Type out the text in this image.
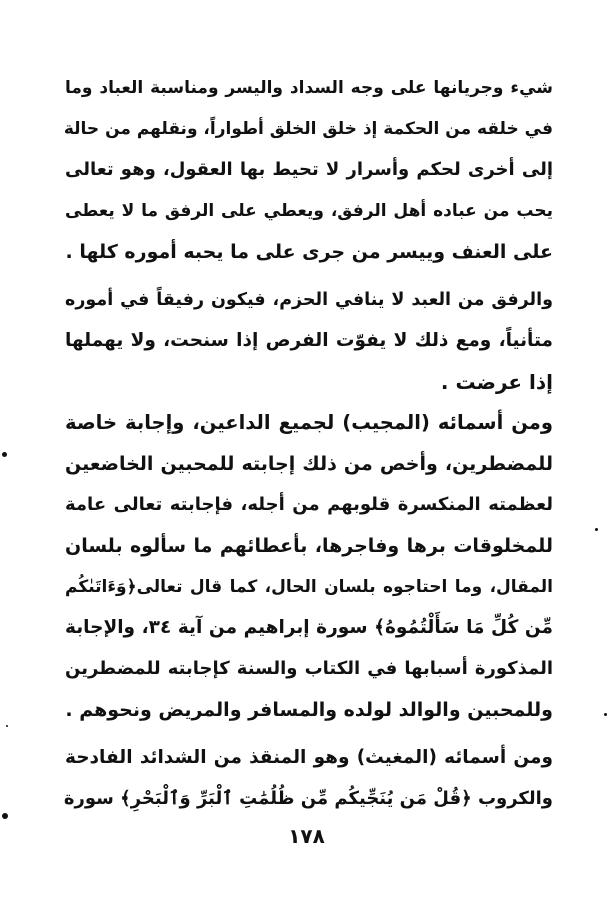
شيء وجريانها على وجه السداد واليسر ومناسبة العباد وما
في خلقه من الحكمة إذ خلق الخلق أطواراً، ونقلهم من حالة
إلى أخرى لحكم وأسرار لا تحيط بها العقول، وهو تعالى
يحب من عباده أهل الرفق، ويعطي على الرفق ما لا يعطى
على العنف وييسر من جرى على ما يحبه أموره كلها .
والرفق من العبد لا ينافي الحزم، فيكون رفيقاً في أموره
متأنياً، ومع ذلك لا يفوّت الفرص إذا سنحت، ولا يهملها
إذا عرضت .
ومن أسمائه (المجيب) لجميع الداعين، وإجابة خاصة
للمضطرين، وأخص من ذلك إجابته للمحبين الخاضعين
لعظمته المنكسرة قلوبهم من أجله، فإجابته تعالى عامة
للمخلوقات برها وفاجرها، بأعطائهم ما سألوه بلسان
المقال، وما احتاجوه بلسان الحال، كما قال تعالى﴿وَءَاتَىٰكُم
مِّن كُلِّ مَا سَأَلْتُمُوهُ﴾ سورة إبراهيم من آية ٣٤، والإجابة
المذكورة أسبابها في الكتاب والسنة كإجابته للمضطرين
وللمحبين والوالد لولده والمسافر والمريض ونحوهم .
ومن أسمائه (المغيث) وهو المنقذ من الشدائد الفادحة
والكروب ﴿قُلْ مَن يُنَجِّيكُم مِّن ظُلُمَٰتِ ٱلْبَرِّ وَٱلْبَحْرِ﴾ سورة
١٧٨
